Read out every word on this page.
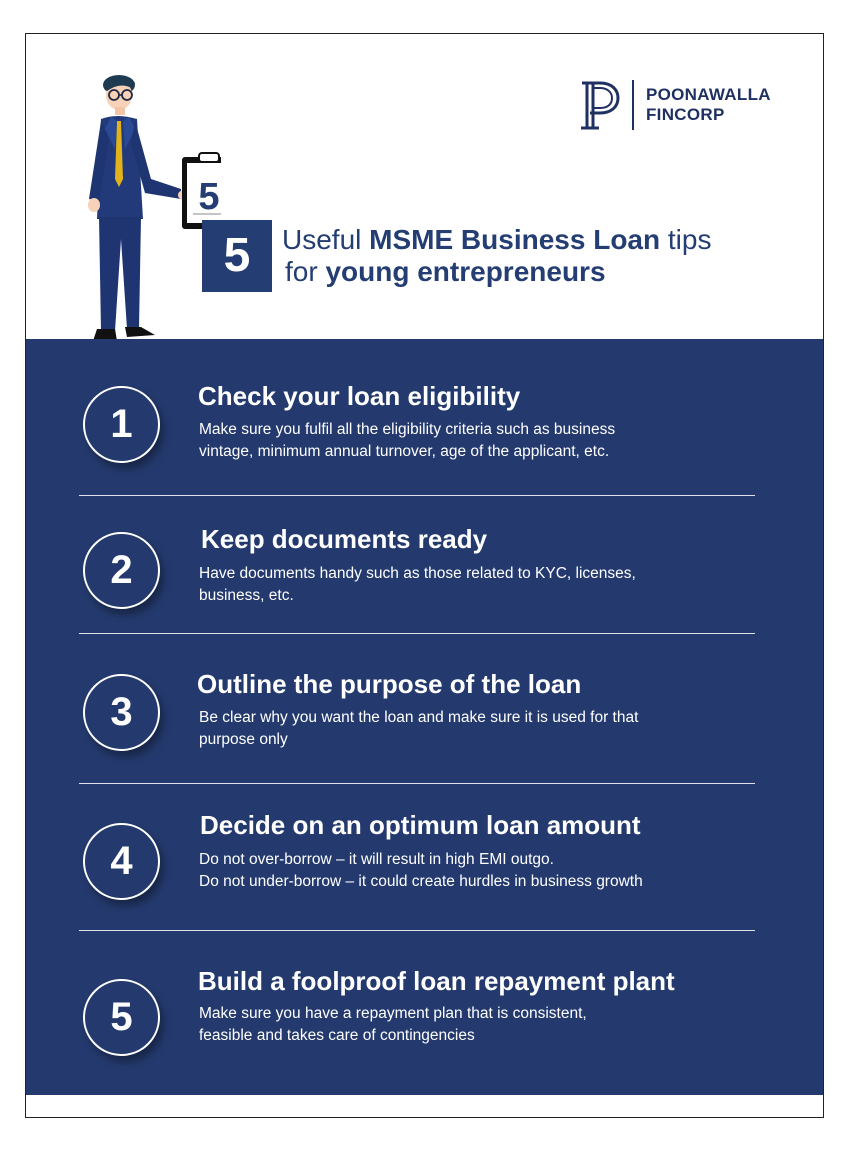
POONAWALLA
FINCORP
5
5	Useful MSME Business Loan tips
for young entrepreneurs
1
Check your loan eligibility
Make sure you fulfil all the eligibility criteria such as business
vintage, minimum annual turnover, age of the applicant, etc.
2
Keep documents ready
Have documents handy such as those related to KYC, licenses,
business, etc.
3
Outline the purpose of the loan
Be clear why you want the loan and make sure it is used for that
purpose only
4
Decide on an optimum loan amount
Do not over-borrow – it will result in high EMI outgo.
Do not under-borrow – it could create hurdles in business growth
5
Build a foolproof loan repayment plant
Make sure you have a repayment plan that is consistent,
feasible and takes care of contingencies
